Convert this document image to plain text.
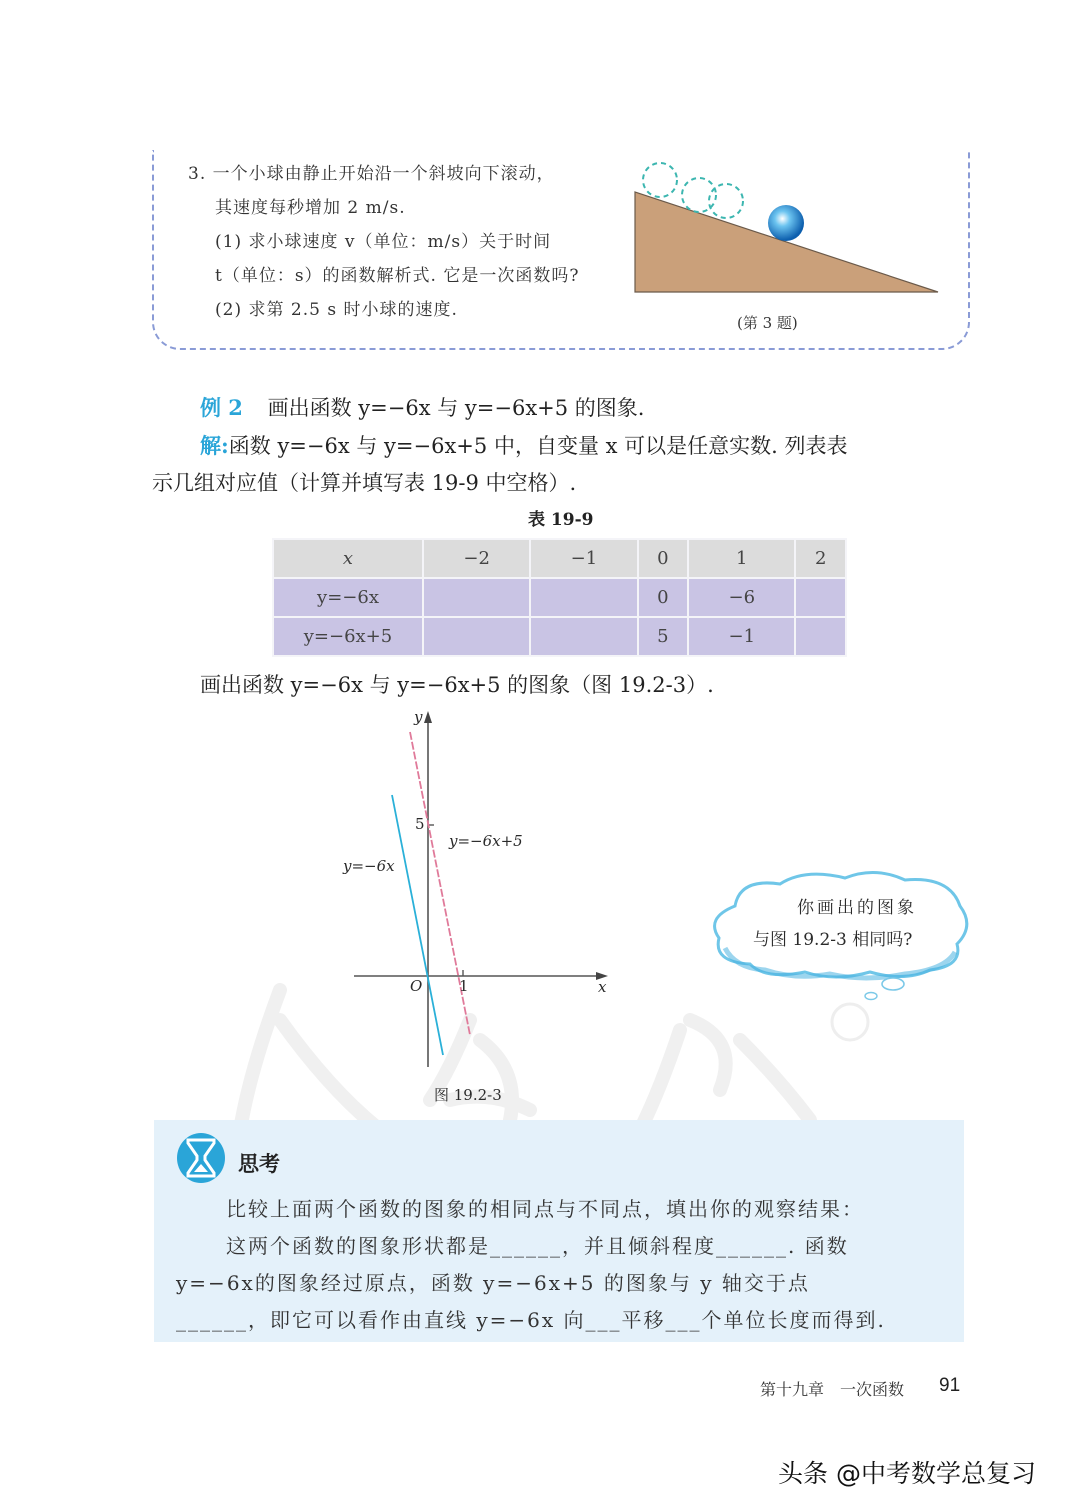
3. 一个小球由静止开始沿一个斜坡向下滚动，
其速度每秒增加 2 m/s.
(1) 求小球速度 v（单位：m/s）关于时间
t（单位：s）的函数解析式. 它是一次函数吗?
(2) 求第 2.5 s 时小球的速度.
(第 3 题)
例 2 画出函数 y=−6x 与 y=−6x+5 的图象.
解:函数 y=−6x 与 y=−6x+5 中，自变量 x 可以是任意实数. 列表表
示几组对应值（计算并填写表 19-9 中空格）.
表 19-9
x	−2	−1	0	1	2
y=−6x			0	−6	
y=−6x+5			5	−1	
画出函数 y=−6x 与 y=−6x+5 的图象（图 19.2-3）.
y
x
O
5
1
y=−6x
y=−6x+5
图 19.2-3
你画出的图象
与图 19.2-3 相同吗?
思考
比较上面两个函数的图象的相同点与不同点，填出你的观察结果：
这两个函数的图象形状都是______，并且倾斜程度______. 函数
y=−6x的图象经过原点，函数 y=−6x+5 的图象与 y 轴交于点
______，即它可以看作由直线 y=−6x 向___平移___个单位长度而得到.
第十九章　一次函数 91
头条 @中考数学总复习
